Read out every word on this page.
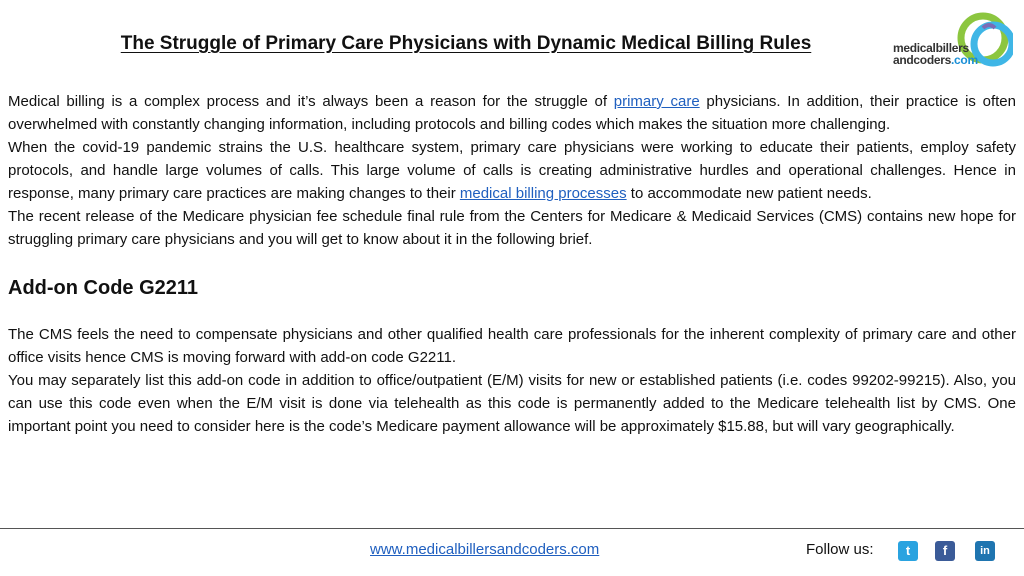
The Struggle of Primary Care Physicians with Dynamic Medical Billing Rules	medicalbillers
andcoders.com

Medical billing is a complex process and it’s always been a reason for the struggle of primary care physicians. In addition, their practice is often overwhelmed with constantly changing information, including protocols and billing codes which makes the situation more challenging.

When the covid-19 pandemic strains the U.S. healthcare system, primary care physicians were working to educate their patients, employ safety protocols, and handle large volumes of calls. This large volume of calls is creating administrative hurdles and operational challenges. Hence in response, many primary care practices are making changes to their medical billing processes to accommodate new patient needs.

The recent release of the Medicare physician fee schedule final rule from the Centers for Medicare & Medicaid Services (CMS) contains new hope for struggling primary care physicians and you will get to know about it in the following brief.

Add-on Code G2211

The CMS feels the need to compensate physicians and other qualified health care professionals for the inherent complexity of primary care and other office visits hence CMS is moving forward with add-on code G2211.

You may separately list this add-on code in addition to office/outpatient (E/M) visits for new or established patients (i.e. codes 99202-99215). Also, you can use this code even when the E/M visit is done via telehealth as this code is permanently added to the Medicare telehealth list by CMS. One important point you need to consider here is the code’s Medicare payment allowance will be approximately $15.88, but will vary geographically.

www.medicalbillersandcoders.com	Follow us:	t	f	in
